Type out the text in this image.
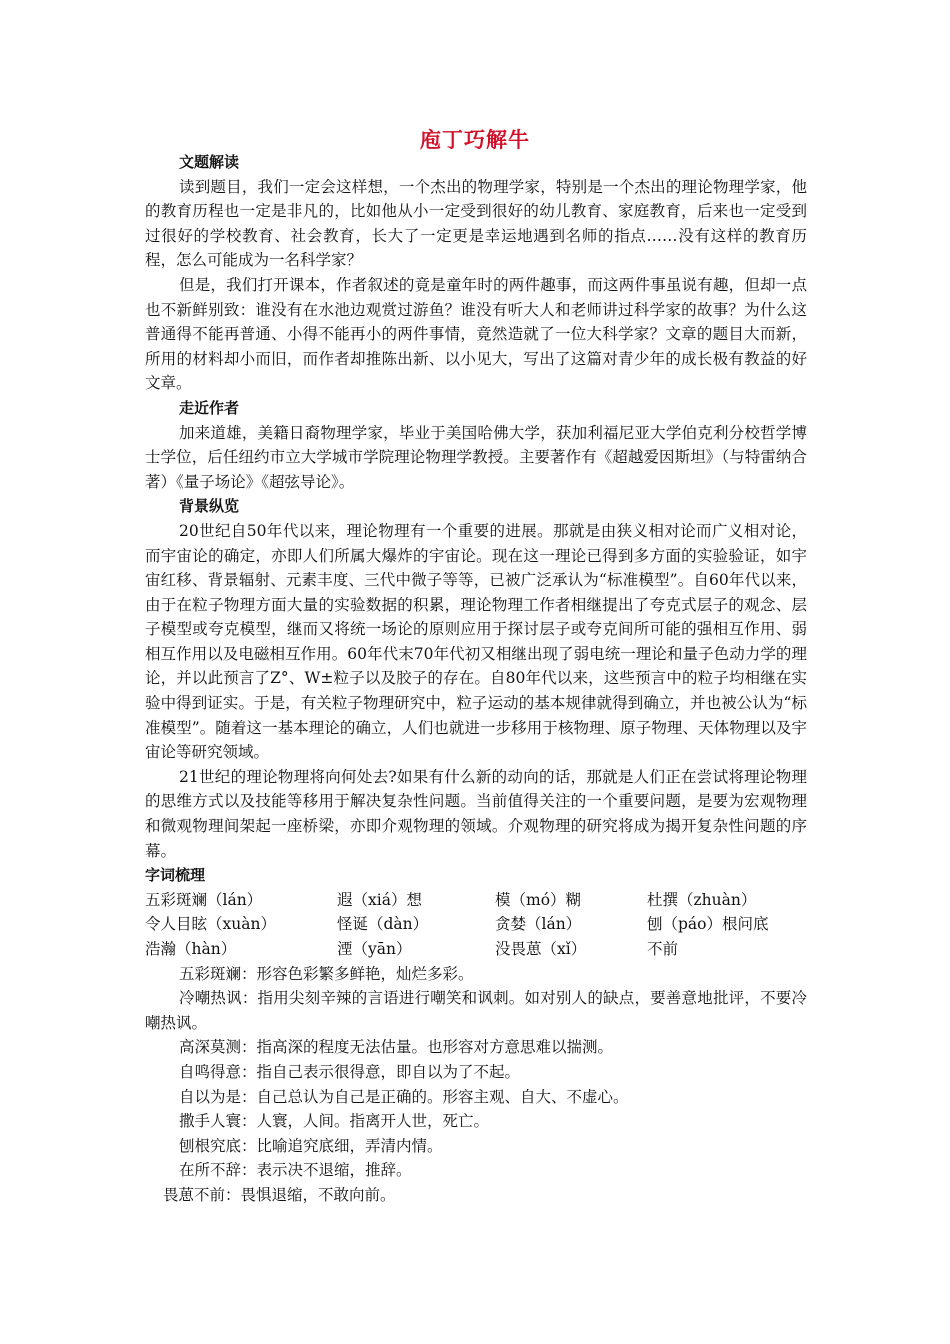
庖丁巧解牛
文题解读

读到题目，我们一定会这样想，一个杰出的物理学家，特别是一个杰出的理论物理学家，他的教育历程也一定是非凡的，比如他从小一定受到很好的幼儿教育、家庭教育，后来也一定受到过很好的学校教育、社会教育，长大了一定更是幸运地遇到名师的指点……没有这样的教育历程，怎么可能成为一名科学家？

但是，我们打开课本，作者叙述的竟是童年时的两件趣事，而这两件事虽说有趣，但却一点也不新鲜别致：谁没有在水池边观赏过游鱼？谁没有听大人和老师讲过科学家的故事？为什么这普通得不能再普通、小得不能再小的两件事情，竟然造就了一位大科学家？文章的题目大而新，所用的材料却小而旧，而作者却推陈出新、以小见大，写出了这篇对青少年的成长极有教益的好文章。

走近作者

加来道雄，美籍日裔物理学家，毕业于美国哈佛大学，获加利福尼亚大学伯克利分校哲学博士学位，后任纽约市立大学城市学院理论物理学教授。主要著作有《超越爱因斯坦》（与特雷纳合著）《量子场论》《超弦导论》。

背景纵览

20世纪自50年代以来，理论物理有一个重要的进展。那就是由狭义相对论而广义相对论，而宇宙论的确定，亦即人们所属大爆炸的宇宙论。现在这一理论已得到多方面的实验验证，如宇宙红移、背景辐射、元素丰度、三代中微子等等，已被广泛承认为“标准模型”。自60年代以来，由于在粒子物理方面大量的实验数据的积累，理论物理工作者相继提出了夸克式层子的观念、层子模型或夸克模型，继而又将统一场论的原则应用于探讨层子或夸克间所可能的强相互作用、弱相互作用以及电磁相互作用。60年代末70年代初又相继出现了弱电统一理论和量子色动力学的理论，并以此预言了Z°、W±粒子以及胶子的存在。自80年代以来，这些预言中的粒子均相继在实验中得到证实。于是，有关粒子物理研究中，粒子运动的基本规律就得到确立，并也被公认为“标准模型”。随着这一基本理论的确立，人们也就进一步移用于核物理、原子物理、天体物理以及宇宙论等研究领域。

21世纪的理论物理将向何处去?如果有什么新的动向的话，那就是人们正在尝试将理论物理的思维方式以及技能等移用于解决复杂性问题。当前值得关注的一个重要问题，是要为宏观物理和微观物理间架起一座桥梁，亦即介观物理的领域。介观物理的研究将成为揭开复杂性问题的序幕。

字词梳理
五彩斑斓（lán）	遐（xiá）想	模（mó）糊	杜撰（zhuàn）
令人目眩（xuàn）	怪诞（dàn）	贪婪（lán）	刨（páo）根问底
浩瀚（hàn）	湮（yān）	没畏葸（xǐ）	不前
五彩斑斓：形容色彩繁多鲜艳，灿烂多彩。

冷嘲热讽：指用尖刻辛辣的言语进行嘲笑和讽刺。如对别人的缺点，要善意地批评，不要冷嘲热讽。

高深莫测：指高深的程度无法估量。也形容对方意思难以揣测。
自鸣得意：指自己表示很得意，即自以为了不起。
自以为是：自己总认为自己是正确的。形容主观、自大、不虚心。
撒手人寰：人寰，人间。指离开人世，死亡。
刨根究底：比喻追究底细，弄清内情。
在所不辞：表示决不退缩，推辞。
畏葸不前：畏惧退缩，不敢向前。
